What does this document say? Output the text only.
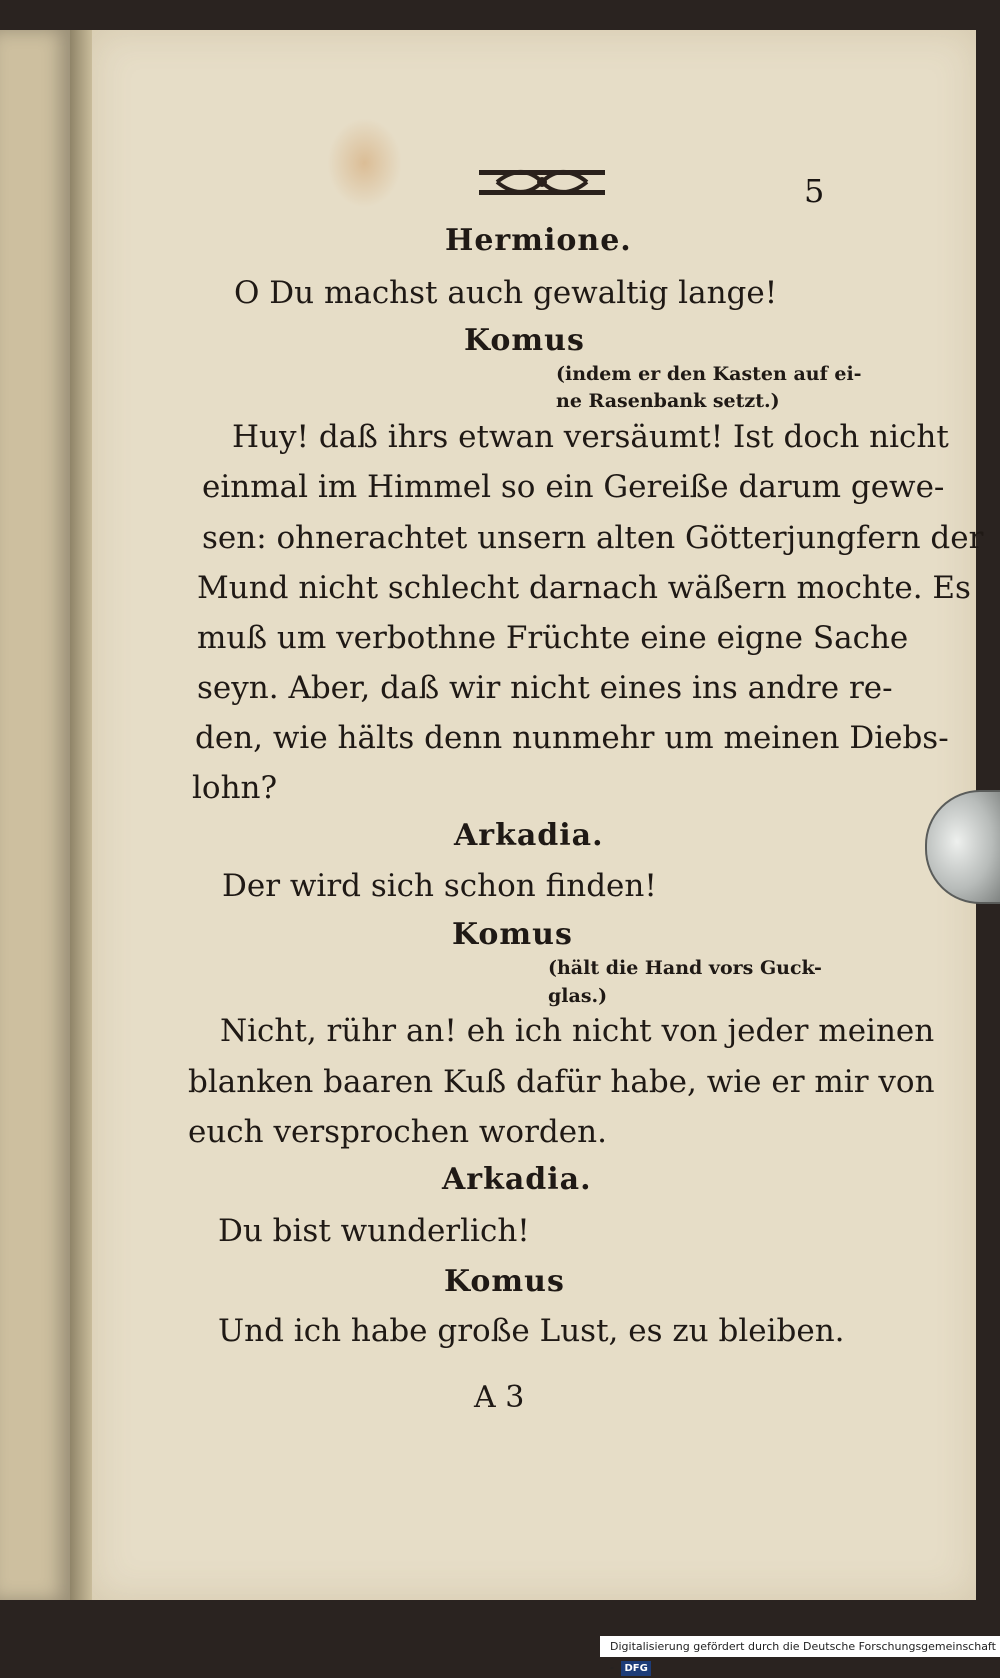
5
Hermione.
O Du machst auch gewaltig lange!
Komus
(indem er den Kasten auf ei-
ne Rasenbank setzt.)
Huy! daß ihrs etwan versäumt! Ist doch nicht
einmal im Himmel so ein Gereiße darum gewe-
sen: ohnerachtet unsern alten Götterjungfern der
Mund nicht schlecht darnach wäßern mochte. Es
muß um verbothne Früchte eine eigne Sache
seyn. Aber, daß wir nicht eines ins andre re-
den, wie hälts denn nunmehr um meinen Diebs-
lohn?
Arkadia.
Der wird sich schon finden!
Komus
(hält die Hand vors Guck-
glas.)
Nicht, rühr an! eh ich nicht von jeder meinen
blanken baaren Kuß dafür habe, wie er mir von
euch versprochen worden.
Arkadia.
Du bist wunderlich!
Komus
Und ich habe große Lust, es zu bleiben.
A 3
Digitalisierung gefördert durch die Deutsche Forschungsgemeinschaft - DFG
